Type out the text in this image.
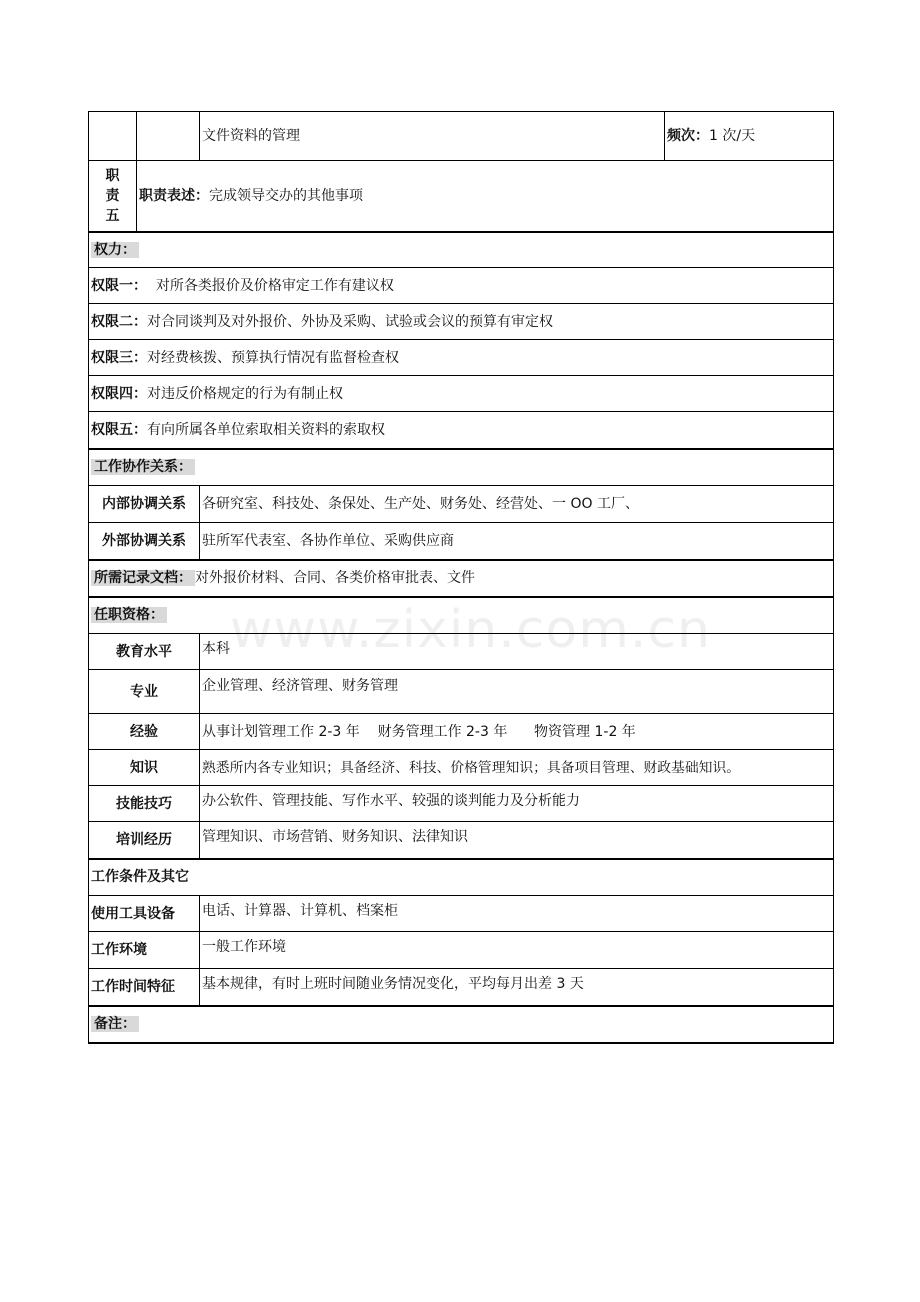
www.zixin.com.cn
		文件资料的管理	频次：1 次/天

职
责
五	职责表述：完成领导交办的其他事项		
权力：			
权限一：  对所各类报价及价格审定工作有建议权			
权限二：对合同谈判及对外报价、外协及采购、试验或会议的预算有审定权			
权限三：对经费核拨、预算执行情况有监督检查权			
权限四：对违反价格规定的行为有制止权			
权限五：有向所属各单位索取相关资料的索取权			
工作协作关系：			
内部协调关系		各研究室、科技处、条保处、生产处、财务处、经营处、一 OO 工厂、	
外部协调关系		驻所军代表室、各协作单位、采购供应商	
所需记录文档： 对外报价材料、合同、各类价格审批表、文件			
任职资格：			
教育水平		本科	
专业		企业管理、经济管理、财务管理	
经验		从事计划管理工作 2-3 年    财务管理工作 2-3 年      物资管理 1-2 年	
知识		熟悉所内各专业知识；具备经济、科技、价格管理知识；具备项目管理、财政基础知识。	
技能技巧		办公软件、管理技能、写作水平、较强的谈判能力及分析能力	
培训经历		管理知识、市场营销、财务知识、法律知识	
工作条件及其它			
使用工具设备		电话、计算器、计算机、档案柜	
工作环境		一般工作环境	
工作时间特征		基本规律，有时上班时间随业务情况变化，平均每月出差 3 天	
备注：			
